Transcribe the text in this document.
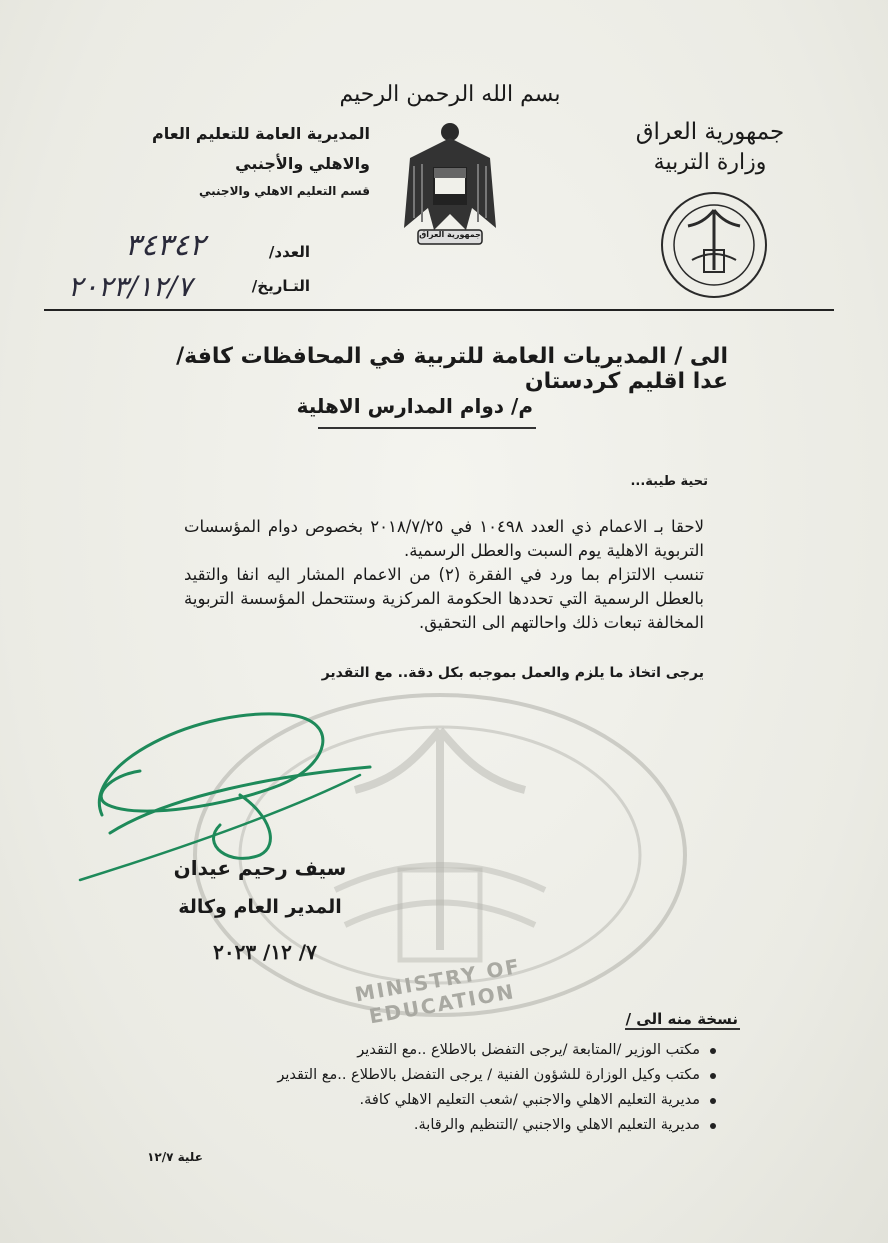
MINISTRY OF EDUCATION
بسم الله الرحمن الرحيم
جمهورية العراق
وزارة التربية
جمهورية العراق
المديرية العامة للتعليم العام
والاهلي والأجنبي
قسم التعليم الاهلي والاجنبي
العدد/
٣٤٣٤٢
التـاريخ/
٢٠٢٣/١٢/٧
الى / المديريات العامة للتربية في المحافظات كافة/عدا اقليم كردستان
م/ دوام المدارس الاهلية
تحية طيبة...

لاحقا بـ الاعمام ذي العدد ١٠٤٩٨ في ٢٠١٨/٧/٢٥ بخصوص دوام المؤسسات التربوية الاهلية يوم السبت والعطل الرسمية.

تنسب الالتزام بما ورد في الفقرة (٢) من الاعمام المشار اليه انفا والتقيد بالعطل الرسمية التي تحددها الحكومة المركزية وستتحمل المؤسسة التربوية المخالفة تبعات ذلك واحالتهم الى التحقيق.

يرجى اتخاذ ما يلزم والعمل بموجبه بكل دقة.. مع التقدير
سيف رحيم عيدان
المدير العام وكالة
٧/ ١٢/ ٢٠٢٣
نسخة منه الى /
مكتب الوزير /المتابعة /يرجى التفضل بالاطلاع ..مع التقدير
مكتب وكيل الوزارة للشؤون الفنية / يرجى التفضل بالاطلاع ..مع التقدير
مديرية التعليم الاهلي والاجنبي /شعب التعليم الاهلي كافة.
مديرية التعليم الاهلي والاجنبي /التنظيم والرقابة.
علية ١٢/٧
